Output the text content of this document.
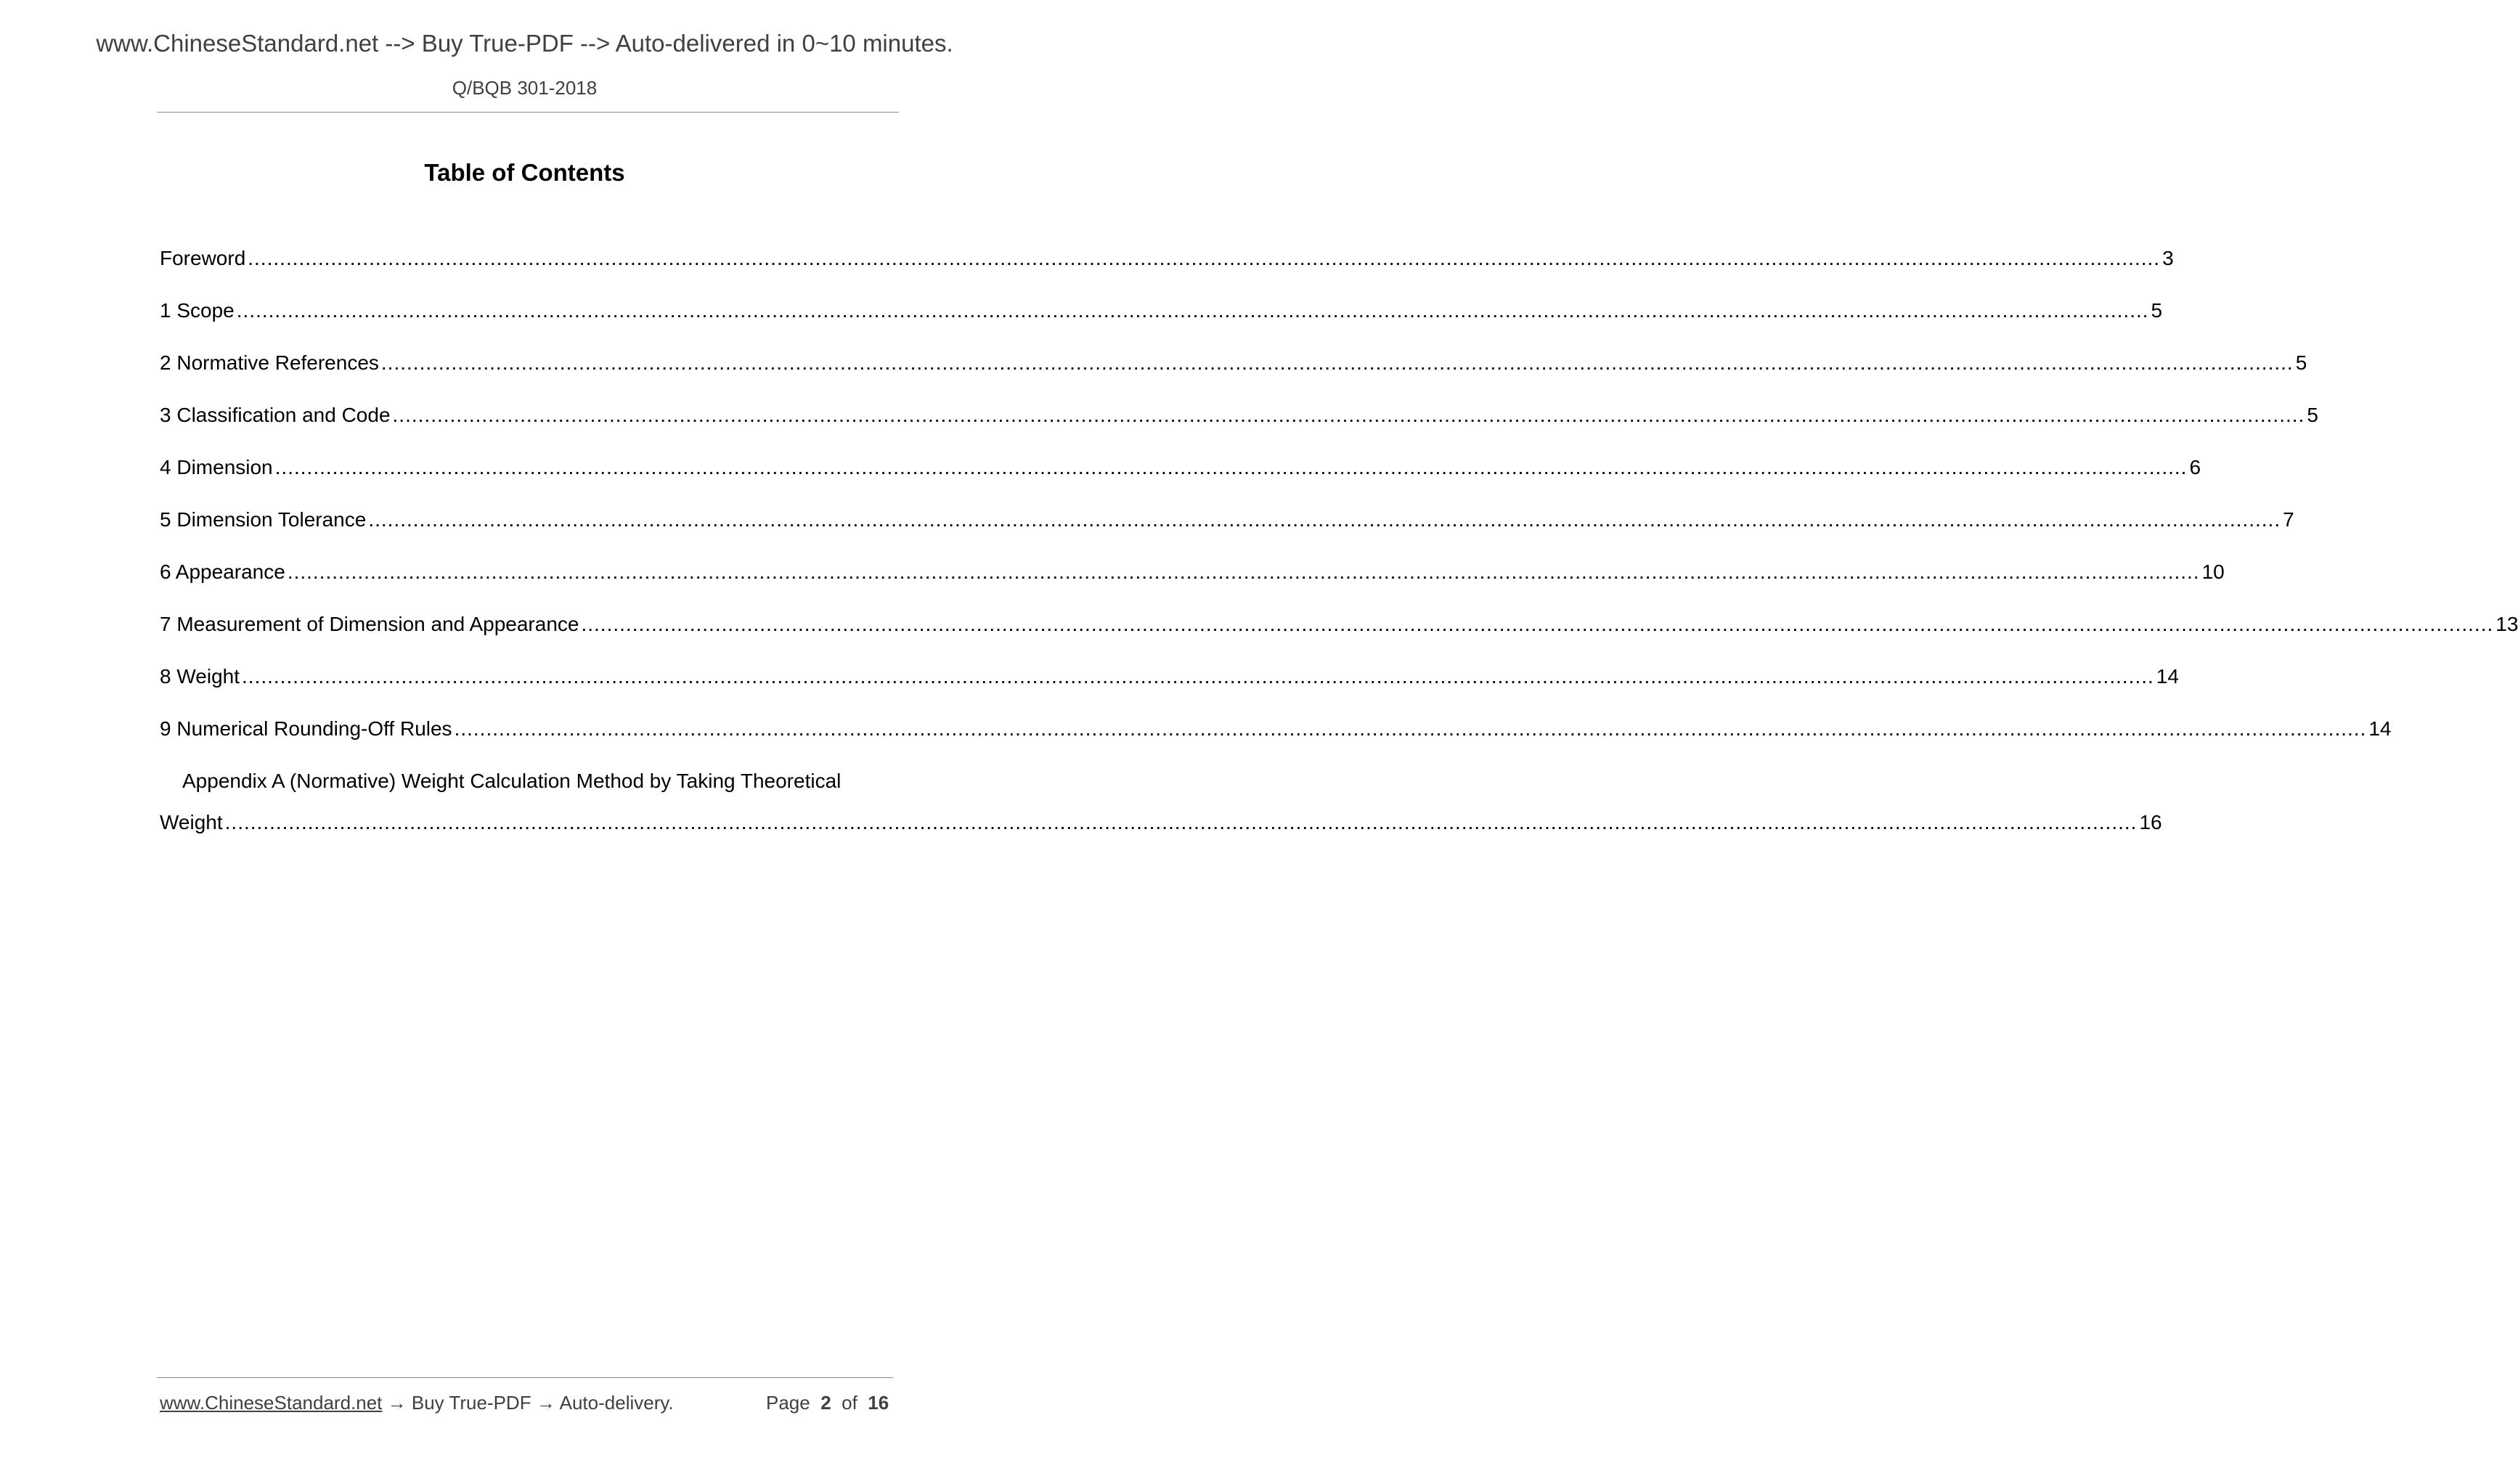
www.ChineseStandard.net --> Buy True-PDF --> Auto-delivered in 0~10 minutes.
Q/BQB 301-2018
Table of Contents
Foreword ............................................................................................................................................................................................................................................................................................................ 3
1 Scope ............................................................................................................................................................................................................................................................................................................ 5
2 Normative References ............................................................................................................................................................................................................................................................................................................ 5
3 Classification and Code ............................................................................................................................................................................................................................................................................................................ 5
4 Dimension ............................................................................................................................................................................................................................................................................................................ 6
5 Dimension Tolerance ............................................................................................................................................................................................................................................................................................................ 7
6 Appearance ............................................................................................................................................................................................................................................................................................................ 10
7 Measurement of Dimension and Appearance ............................................................................................................................................................................................................................................................................................................ 13
8 Weight ............................................................................................................................................................................................................................................................................................................ 14
9 Numerical Rounding-Off Rules ............................................................................................................................................................................................................................................................................................................ 14
Appendix A (Normative) Weight Calculation Method by Taking Theoretical
Weight ............................................................................................................................................................................................................................................................................................................ 16
www.ChineseStandard.net → Buy True-PDF → Auto-delivery.	Page 2 of 16
